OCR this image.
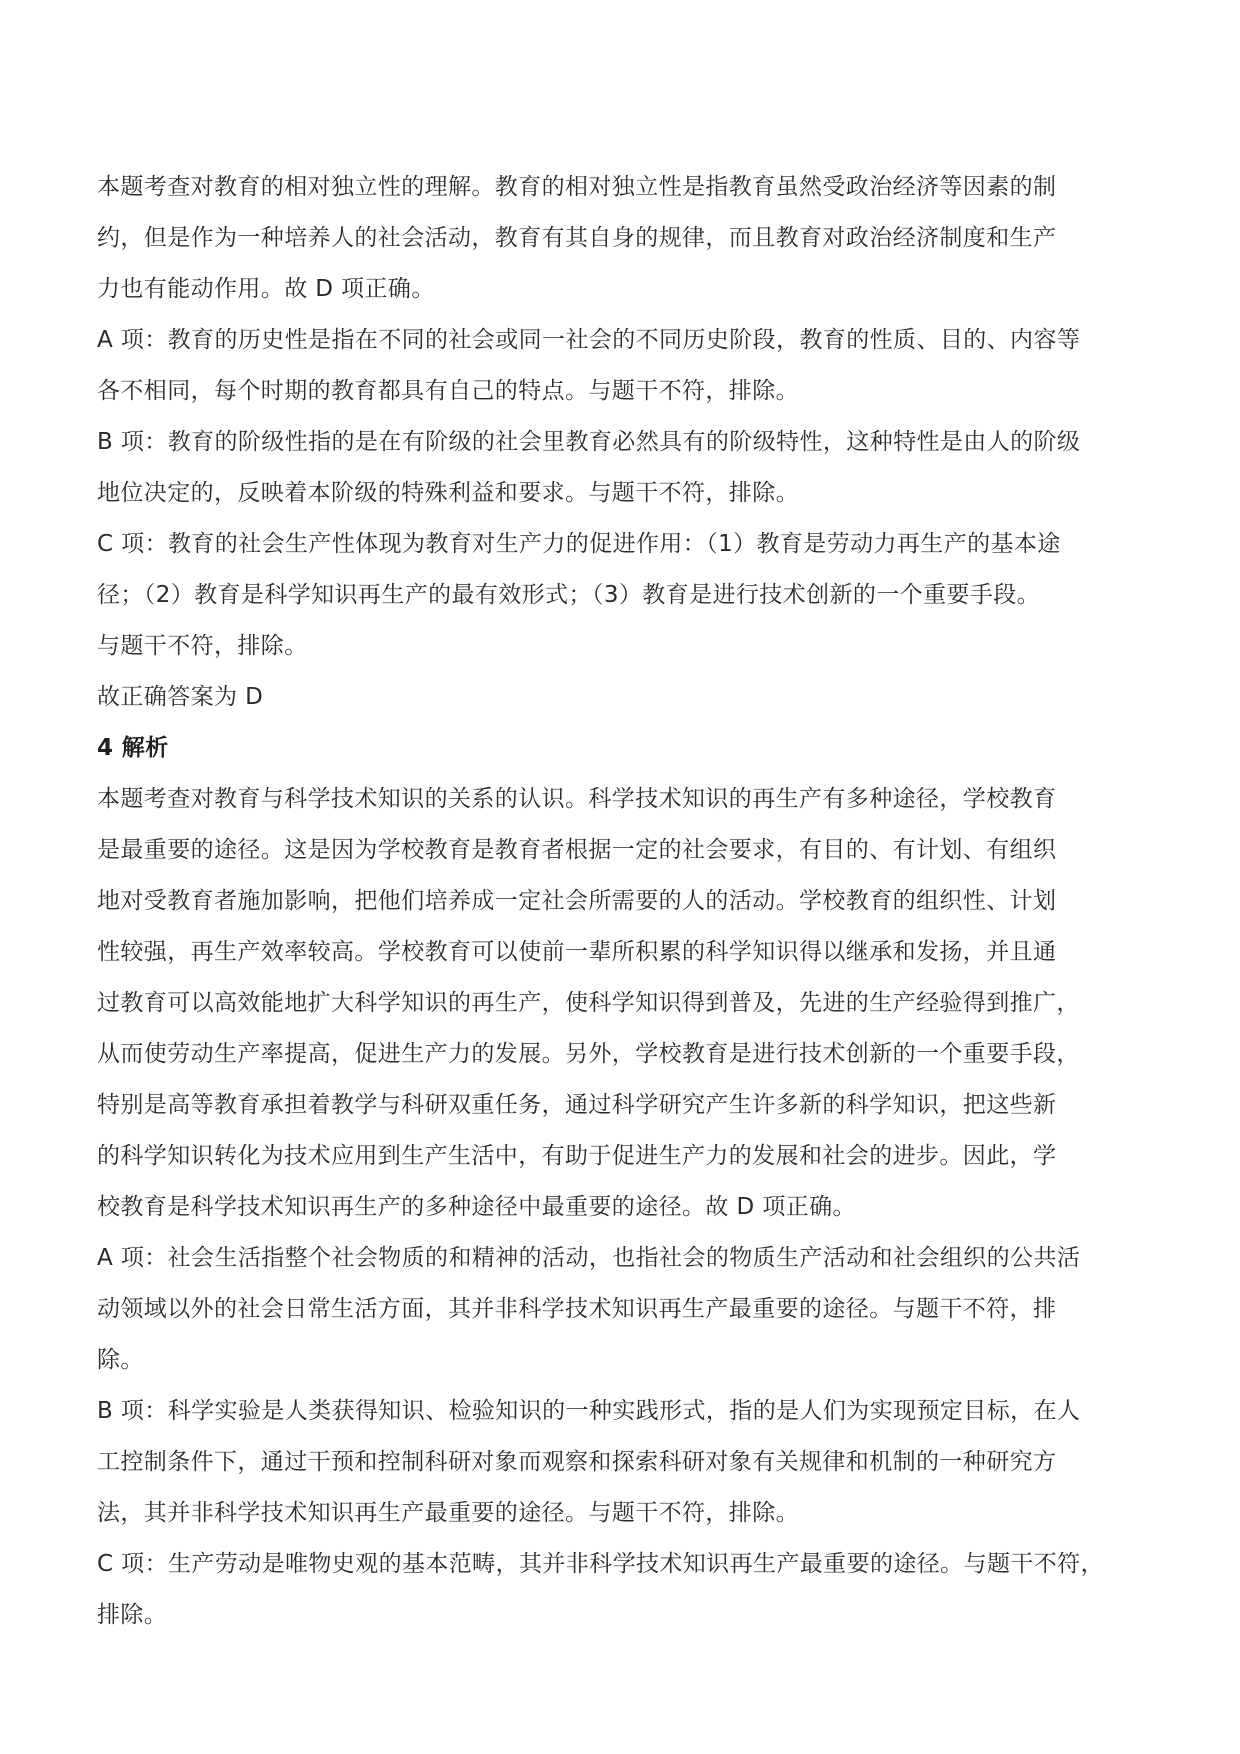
本题考查对教育的相对独立性的理解。教育的相对独立性是指教育虽然受政治经济等因素的制
约，但是作为一种培养人的社会活动，教育有其自身的规律，而且教育对政治经济制度和生产
力也有能动作用。故 D 项正确。
A 项：教育的历史性是指在不同的社会或同一社会的不同历史阶段，教育的性质、目的、内容等
各不相同，每个时期的教育都具有自己的特点。与题干不符，排除。
B 项：教育的阶级性指的是在有阶级的社会里教育必然具有的阶级特性，这种特性是由人的阶级
地位决定的，反映着本阶级的特殊利益和要求。与题干不符，排除。
C 项：教育的社会生产性体现为教育对生产力的促进作用：（1）教育是劳动力再生产的基本途
径；（2）教育是科学知识再生产的最有效形式；（3）教育是进行技术创新的一个重要手段。
与题干不符，排除。
故正确答案为 D
4 解析
本题考查对教育与科学技术知识的关系的认识。科学技术知识的再生产有多种途径，学校教育
是最重要的途径。这是因为学校教育是教育者根据一定的社会要求，有目的、有计划、有组织
地对受教育者施加影响，把他们培养成一定社会所需要的人的活动。学校教育的组织性、计划
性较强，再生产效率较高。学校教育可以使前一辈所积累的科学知识得以继承和发扬，并且通
过教育可以高效能地扩大科学知识的再生产，使科学知识得到普及，先进的生产经验得到推广，
从而使劳动生产率提高，促进生产力的发展。另外，学校教育是进行技术创新的一个重要手段，
特别是高等教育承担着教学与科研双重任务，通过科学研究产生许多新的科学知识，把这些新
的科学知识转化为技术应用到生产生活中，有助于促进生产力的发展和社会的进步。因此，学
校教育是科学技术知识再生产的多种途径中最重要的途径。故 D 项正确。
A 项：社会生活指整个社会物质的和精神的活动，也指社会的物质生产活动和社会组织的公共活
动领域以外的社会日常生活方面，其并非科学技术知识再生产最重要的途径。与题干不符，排
除。
B 项：科学实验是人类获得知识、检验知识的一种实践形式，指的是人们为实现预定目标，在人
工控制条件下，通过干预和控制科研对象而观察和探索科研对象有关规律和机制的一种研究方
法，其并非科学技术知识再生产最重要的途径。与题干不符，排除。
C 项：生产劳动是唯物史观的基本范畴，其并非科学技术知识再生产最重要的途径。与题干不符，
排除。
